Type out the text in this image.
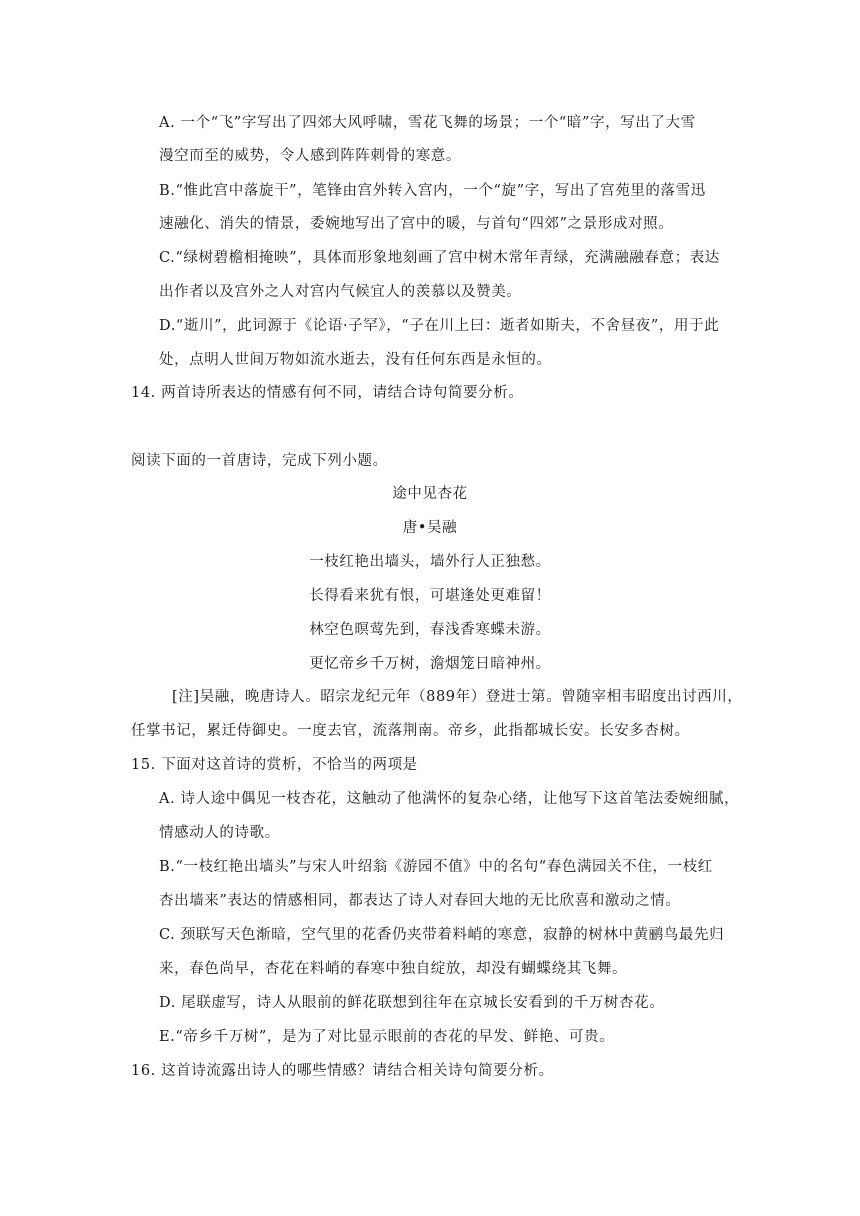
A. 一个“飞”字写出了四郊大风呼啸，雪花飞舞的场景；一个“暗”字，写出了大雪
漫空而至的威势，令人感到阵阵刺骨的寒意。
B.“惟此宫中落旋干”，笔锋由宫外转入宫内，一个“旋”字，写出了宫苑里的落雪迅
速融化、消失的情景，委婉地写出了宫中的暖，与首句“四郊”之景形成对照。
C.“绿树碧檐相掩映”，具体而形象地刻画了宫中树木常年青绿，充满融融春意；表达
出作者以及宫外之人对宫内气候宜人的羡慕以及赞美。
D.“逝川”，此词源于《论语·子罕》，“子在川上曰：逝者如斯夫，不舍昼夜”，用于此
处，点明人世间万物如流水逝去，没有任何东西是永恒的。
14. 两首诗所表达的情感有何不同，请结合诗句简要分析。
阅读下面的一首唐诗，完成下列小题。
途中见杏花
唐•吴融
一枝红艳出墙头，墙外行人正独愁。
长得看来犹有恨，可堪逢处更难留！
林空色暝莺先到，春浅香寒蝶未游。
更忆帝乡千万树，澹烟笼日暗神州。
[注]吴融，晚唐诗人。昭宗龙纪元年（889年）登进士第。曾随宰相韦昭度出讨西川，
任掌书记，累迁侍御史。一度去官，流落荆南。帝乡，此指都城长安。长安多杏树。
15. 下面对这首诗的赏析，不恰当的两项是
A. 诗人途中偶见一枝杏花，这触动了他满怀的复杂心绪，让他写下这首笔法委婉细腻，
情感动人的诗歌。
B.“一枝红艳出墙头”与宋人叶绍翁《游园不值》中的名句“春色满园关不住，一枝红
杏出墙来”表达的情感相同，都表达了诗人对春回大地的无比欣喜和激动之情。
C. 颈联写天色渐暗，空气里的花香仍夹带着料峭的寒意，寂静的树林中黄鹂鸟最先归
来，春色尚早，杏花在料峭的春寒中独自绽放，却没有蝴蝶绕其飞舞。
D. 尾联虚写，诗人从眼前的鲜花联想到往年在京城长安看到的千万树杏花。
E.“帝乡千万树”，是为了对比显示眼前的杏花的早发、鲜艳、可贵。
16. 这首诗流露出诗人的哪些情感？请结合相关诗句简要分析。
